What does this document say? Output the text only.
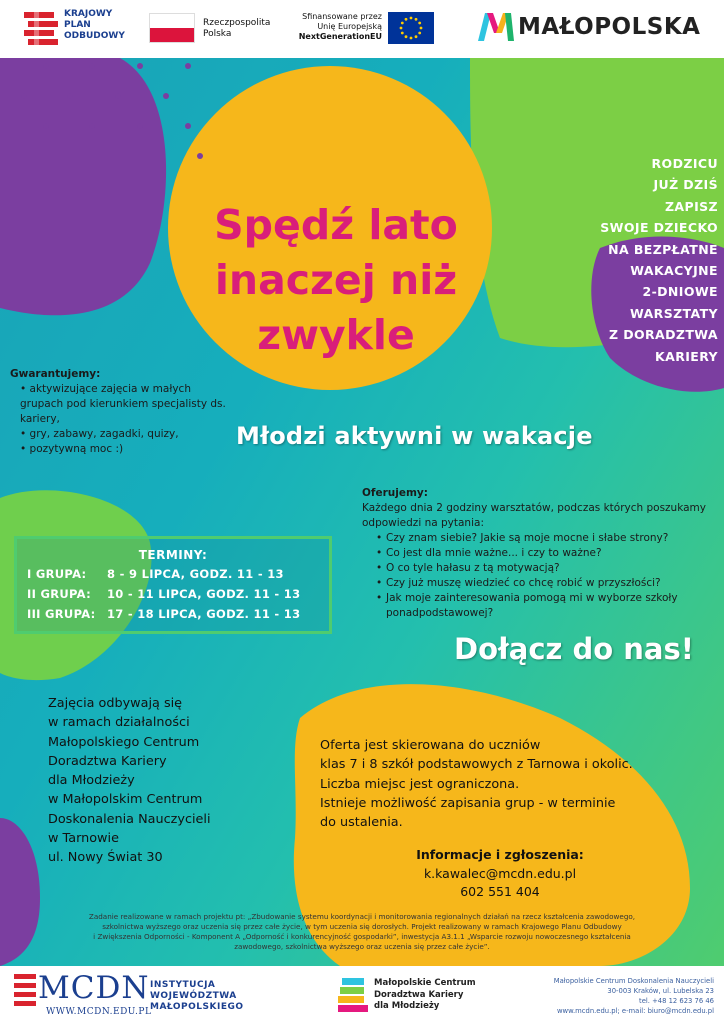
KRAJOWY
PLAN
ODBUDOWY
Rzeczpospolita
Polska
Sfinansowane przez
Unię Europejską
NextGenerationEU	MAŁOPOLSKA
Spędź lato
inaczej niż
zwykle
RODZICU
JUŻ DZIŚ
ZAPISZ
SWOJE DZIECKO
NA BEZPŁATNE
WAKACYJNE
2-DNIOWE
WARSZTATY
Z DORADZTWA
KARIERY
Gwarantujemy:
• aktywizujące zajęcia w małych grupach pod kierunkiem specjalisty ds. kariery,
• gry, zabawy, zagadki, quizy,
• pozytywną moc :)	Młodzi aktywni w wakacje
Oferujemy:
Każdego dnia 2 godziny warsztatów, podczas których poszukamy odpowiedzi na pytania:
• Czy znam siebie? Jakie są moje mocne i słabe strony?
• Co jest dla mnie ważne... i czy to ważne?
• O co tyle hałasu z tą motywacją?
• Czy już muszę wiedzieć co chcę robić w przyszłości?
• Jak moje zainteresowania pomogą mi w wyborze szkoły ponadpodstawowej?
TERMINY:
I GRUPA: 8 - 9 LIPCA, GODZ. 11 - 13
II GRUPA: 10 - 11 LIPCA, GODZ. 11 - 13
III GRUPA: 17 - 18 LIPCA, GODZ. 11 - 13
Dołącz do nas!
Zajęcia odbywają się
w ramach działalności
Małopolskiego Centrum
Doradztwa Kariery
dla Młodzieży
w Małopolskim Centrum
Doskonalenia Nauczycieli
w Tarnowie
ul. Nowy Świat 30
Oferta jest skierowana do uczniów
klas 7 i 8 szkół podstawowych z Tarnowa i okolic.
Liczba miejsc jest ograniczona.
Istnieje możliwość zapisania grup - w terminie
do ustalenia.
Informacje i zgłoszenia:
k.kawalec@mcdn.edu.pl
602 551 404
Zadanie realizowane w ramach projektu pt: „Zbudowanie systemu koordynacji i monitorowania regionalnych działań na rzecz kształcenia zawodowego,
szkolnictwa wyższego oraz uczenia się przez całe życie, w tym uczenia się dorosłych. Projekt realizowany w ramach Krajowego Planu Odbudowy
i Zwiększenia Odporności - Komponent A „Odporność i konkurencyjność gospodarki”, inwestycja A3.1.1 „Wsparcie rozwoju nowoczesnego kształcenia
zawodowego, szkolnictwa wyższego oraz uczenia się przez całe życie”.
MCDN
WWW.MCDN.EDU.PL
INSTYTUCJA
WOJEWÓDZTWA
MAŁOPOLSKIEGO
Małopolskie Centrum
Doradztwa Kariery
dla Młodzieży
Małopolskie Centrum Doskonalenia Nauczycieli
30-003 Kraków, ul. Lubelska 23
tel. +48 12 623 76 46
www.mcdn.edu.pl; e-mail: biuro@mcdn.edu.pl
